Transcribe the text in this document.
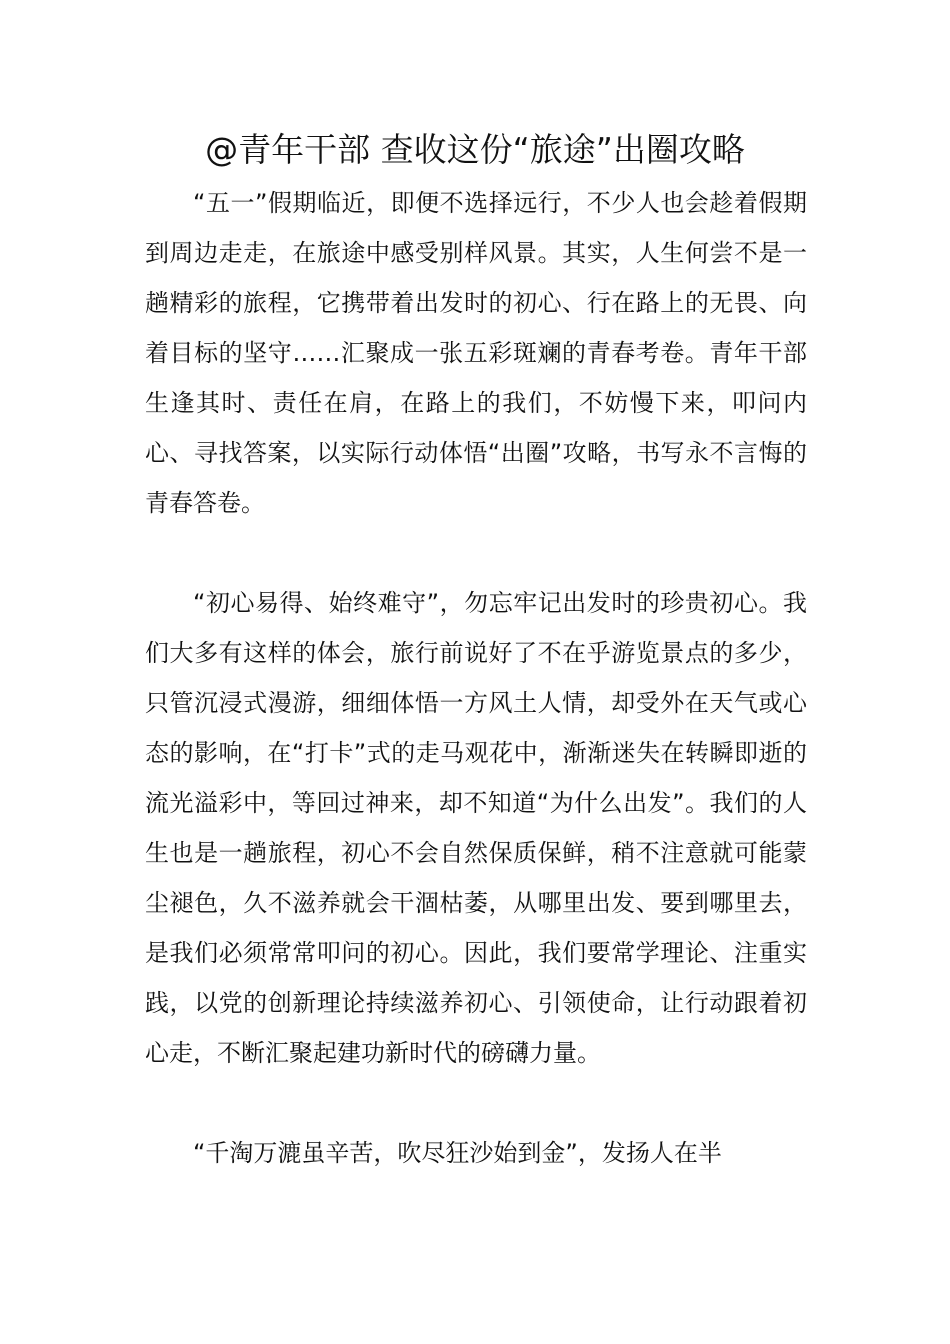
@青年干部 查收这份“旅途”出圈攻略

“五一”假期临近，即便不选择远行，不少人也会趁着假期到周边走走，在旅途中感受别样风景。其实，人生何尝不是一趟精彩的旅程，它携带着出发时的初心、行在路上的无畏、向着目标的坚守……汇聚成一张五彩斑斓的青春考卷。青年干部生逢其时、责任在肩，在路上的我们，不妨慢下来，叩问内心、寻找答案，以实际行动体悟“出圈”攻略，书写永不言悔的青春答卷。

“初心易得、始终难守”，勿忘牢记出发时的珍贵初心。我们大多有这样的体会，旅行前说好了不在乎游览景点的多少，只管沉浸式漫游，细细体悟一方风土人情，却受外在天气或心态的影响，在“打卡”式的走马观花中，渐渐迷失在转瞬即逝的流光溢彩中，等回过神来，却不知道“为什么出发”。我们的人生也是一趟旅程，初心不会自然保质保鲜，稍不注意就可能蒙尘褪色，久不滋养就会干涸枯萎，从哪里出发、要到哪里去，是我们必须常常叩问的初心。因此，我们要常学理论、注重实践，以党的创新理论持续滋养初心、引领使命，让行动跟着初心走，不断汇聚起建功新时代的磅礴力量。

“千淘万漉虽辛苦，吹尽狂沙始到金”，发扬人在半
